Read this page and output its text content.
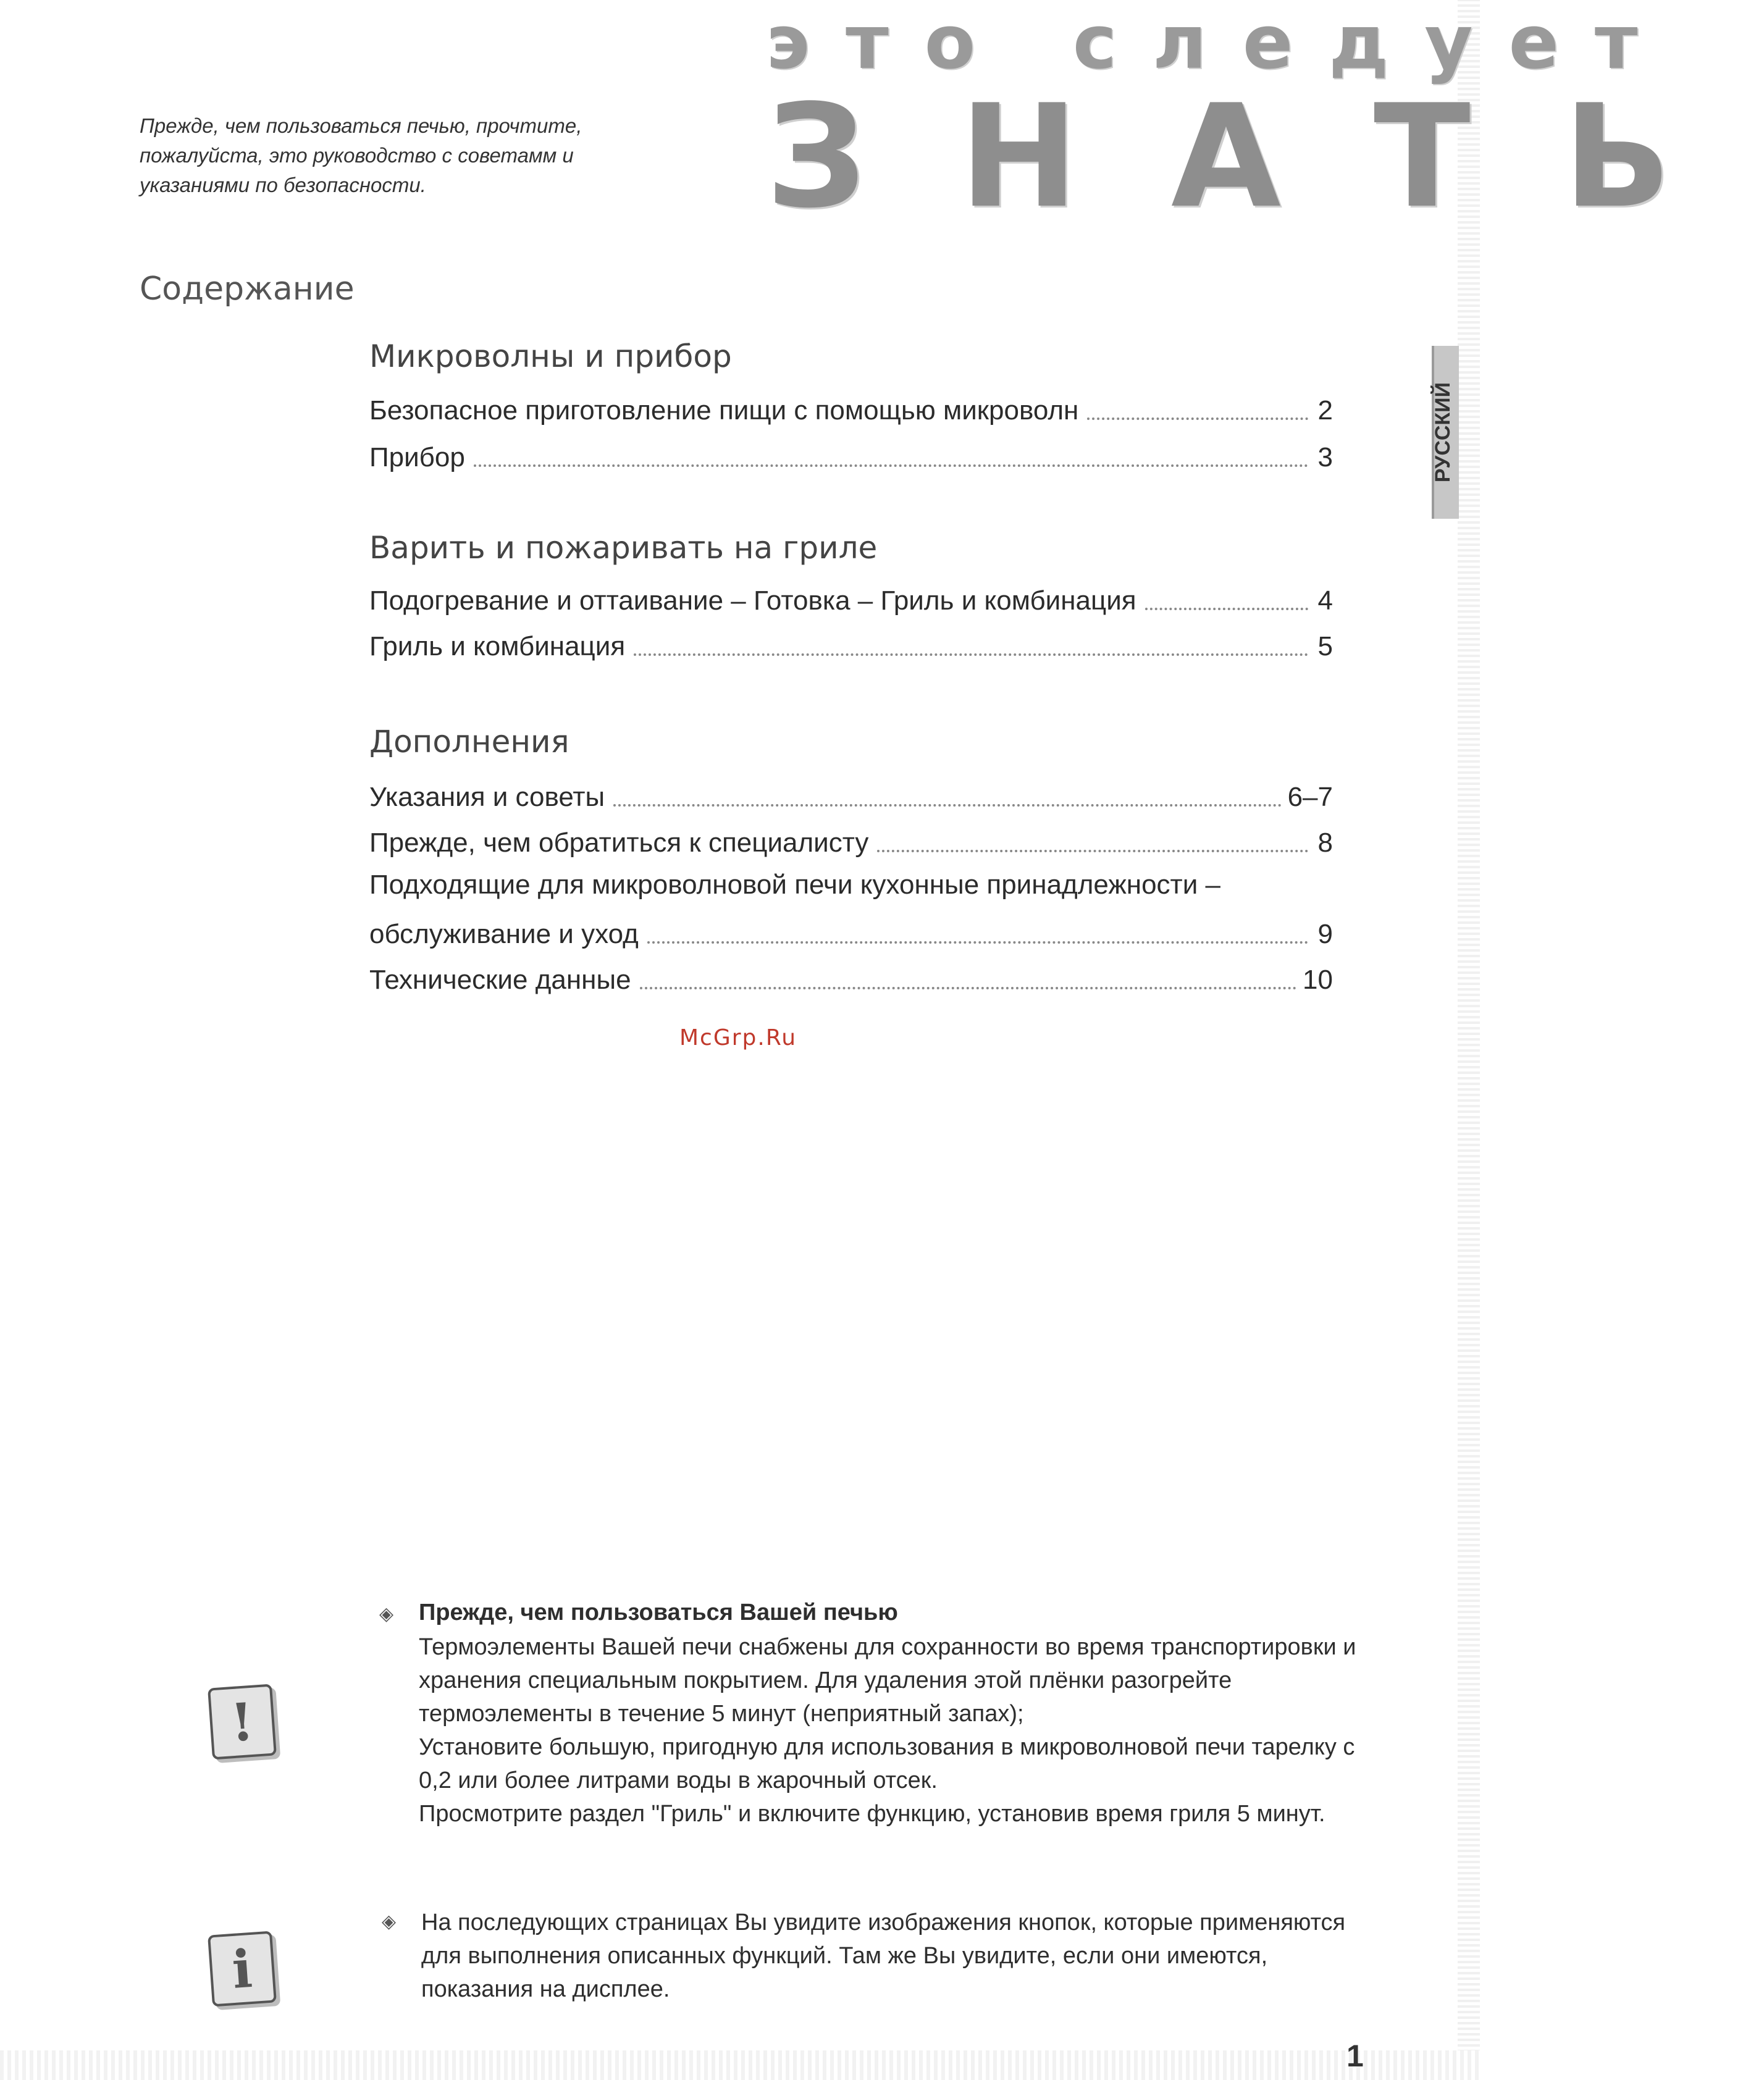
это следует
ЗНАТЬ
Прежде, чем пользоваться печью, прочтите, пожалуйста, это руководство с советамм и указаниями по безопасности.
Содержание
РУССКИЙ
Микроволны и прибор
Безопасное приготовление пищи с помощью микроволн	2
Прибор	3
Варить и пожаривать на гриле
Подогревание и оттаивание – Готовка – Гриль и комбинация	4
Гриль и комбинация	5
Дополнения
Указания и советы	6–7
Прежде, чем обратиться к специалисту	8
Подходящие для микроволновой печи кухонные принадлежности –
обслуживание и уход	9
Технические данные	10
McGrp.Ru
!
◈ Прежде, чем пользоваться Вашей печью

Термоэлементы Вашей печи снабжены для сохранности во время транспортировки и хранения специальным покрытием. Для удаления этой плёнки разогрейте термоэлементы в течение 5 минут (неприятный запах);

Установите большую, пригодную для использования в микроволновой печи тарелку с 0,2 или более литрами воды в жарочный отсек.

Просмотрите раздел "Гриль" и включите функцию, установив время гриля 5 минут.

i
◈ На последующих страницах Вы увидите изображения кнопок, которые применяются для выполнения описанных функций. Там же Вы увидите, если они имеются, показания на дисплее.
1
